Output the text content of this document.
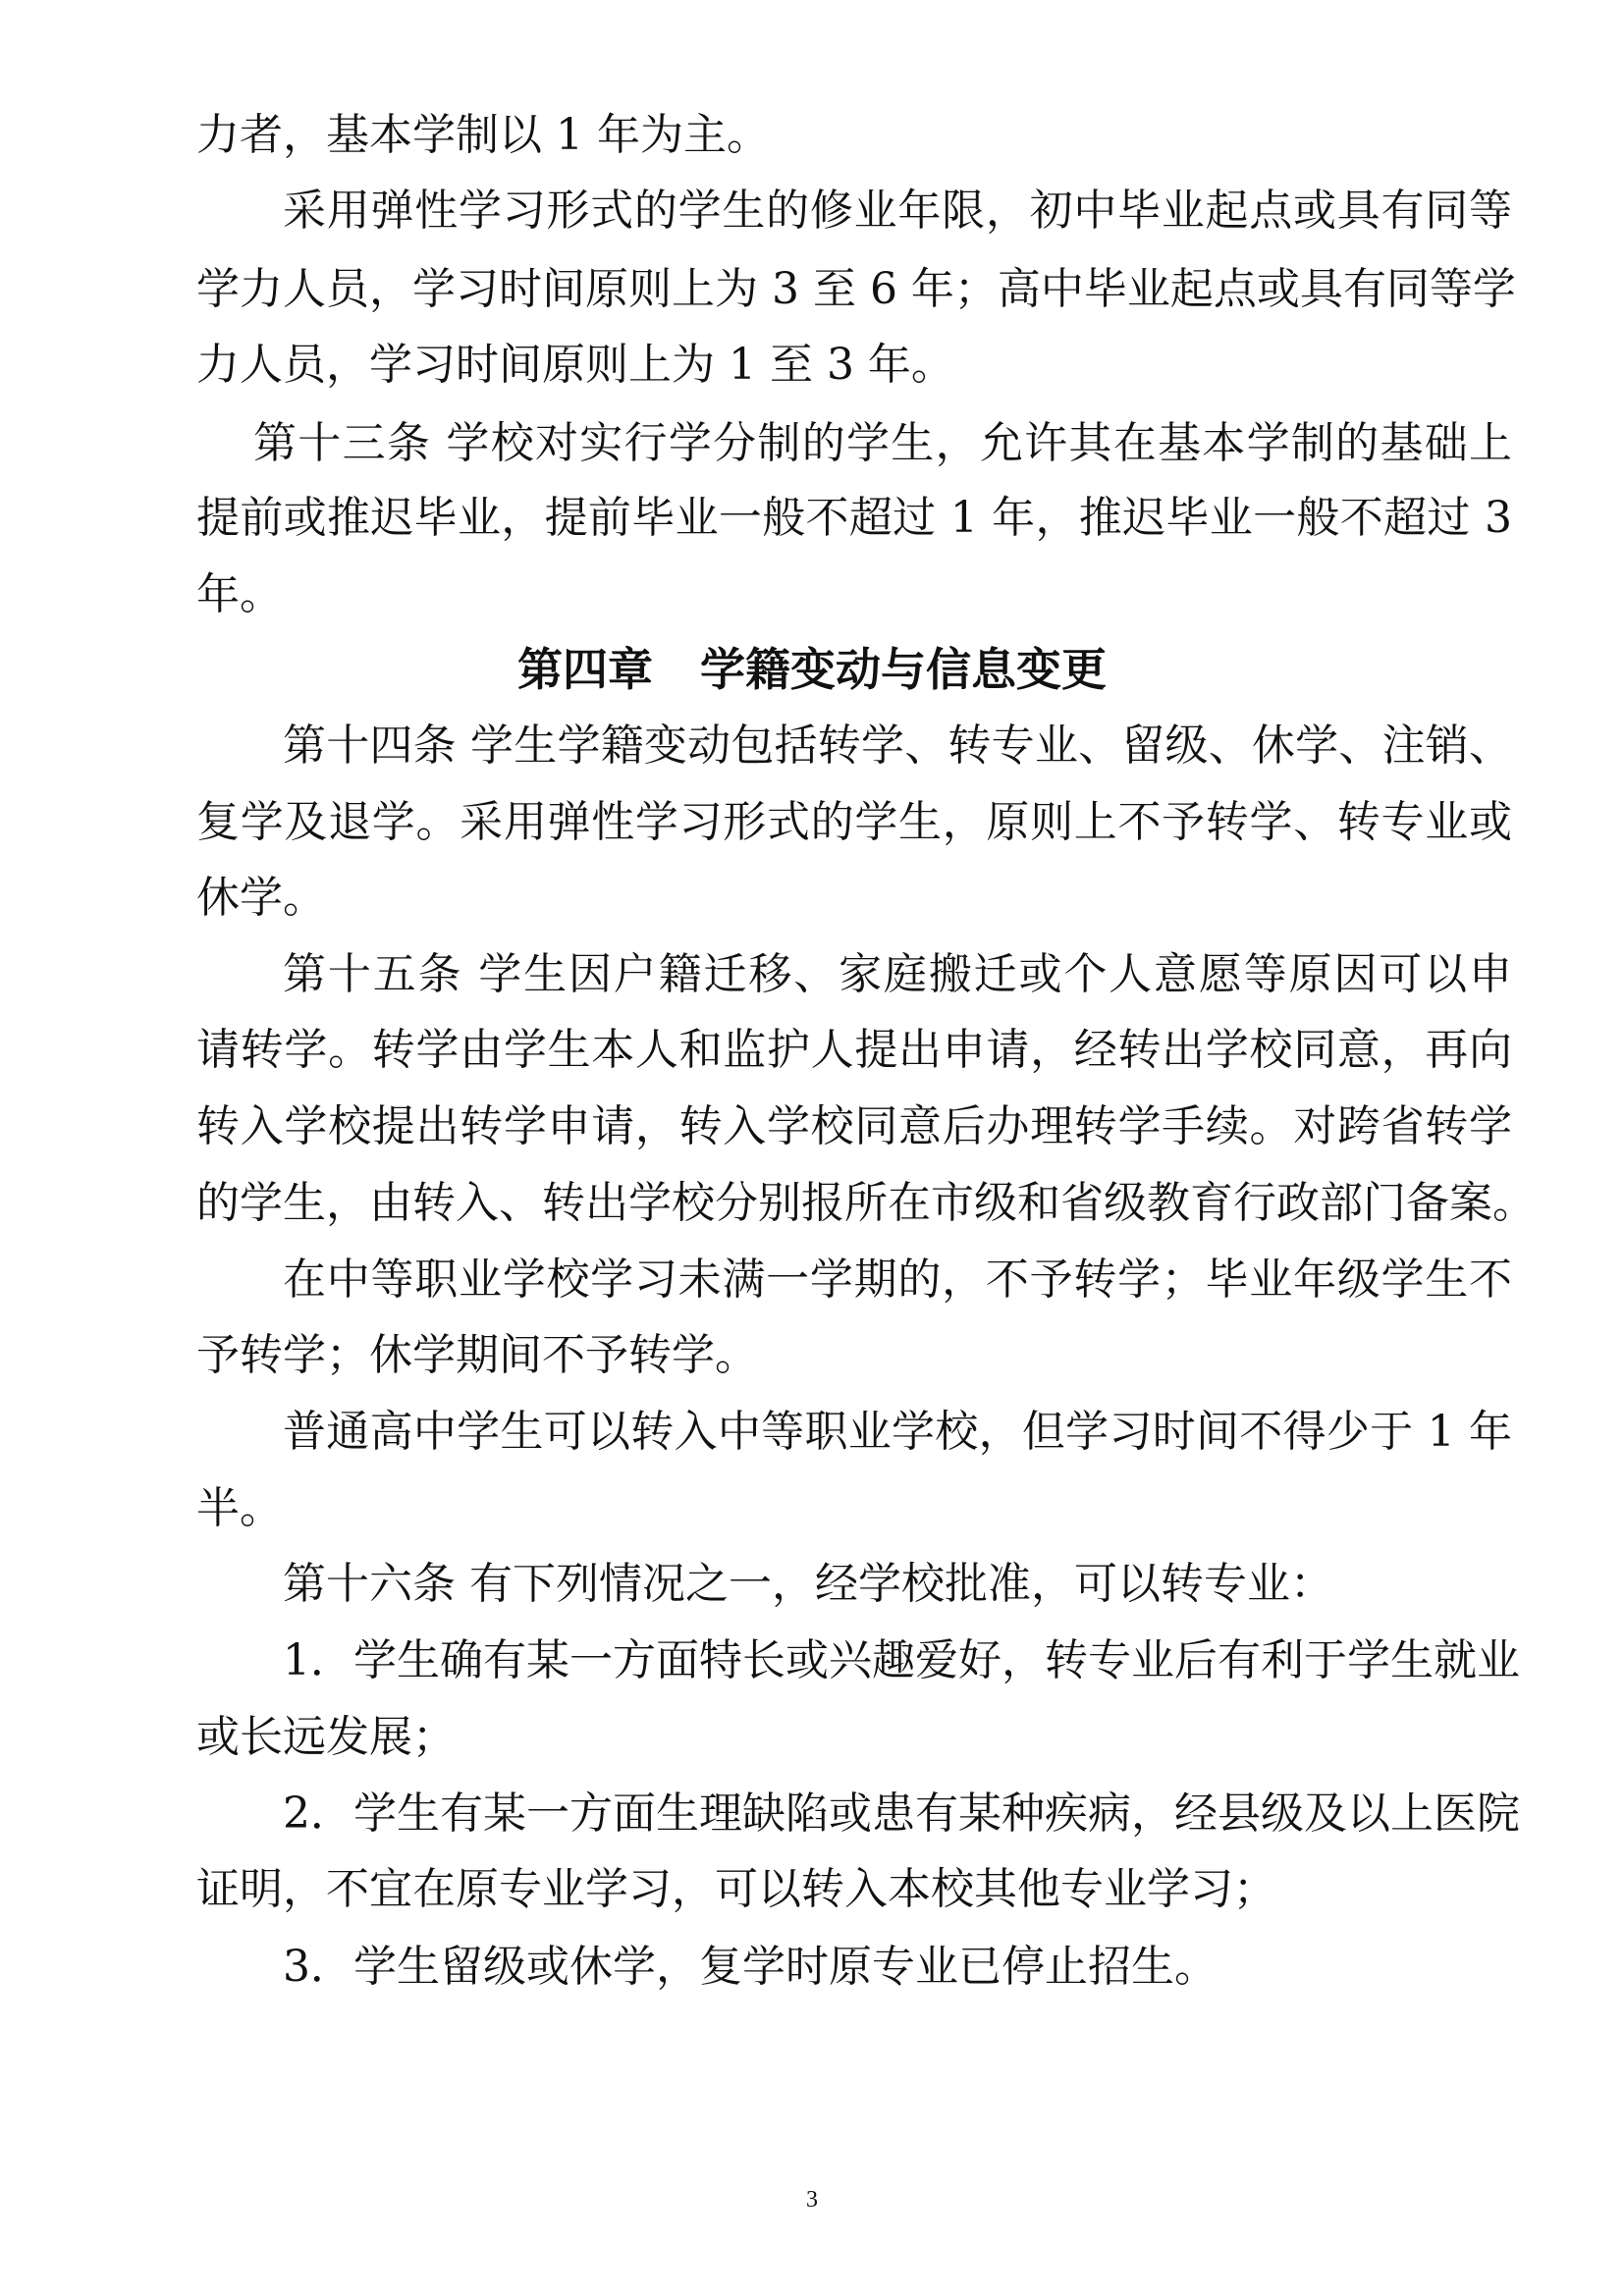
力者，基本学制以 1 年为主。
采用弹性学习形式的学生的修业年限，初中毕业起点或具有同等
学力人员，学习时间原则上为 3 至 6 年；高中毕业起点或具有同等学
力人员，学习时间原则上为 1 至 3 年。
第十三条 学校对实行学分制的学生，允许其在基本学制的基础上
提前或推迟毕业，提前毕业一般不超过 1 年，推迟毕业一般不超过 3
年。
第四章   学籍变动与信息变更
第十四条 学生学籍变动包括转学、转专业、留级、休学、注销、
复学及退学。采用弹性学习形式的学生，原则上不予转学、转专业或
休学。
第十五条 学生因户籍迁移、家庭搬迁或个人意愿等原因可以申
请转学。转学由学生本人和监护人提出申请，经转出学校同意，再向
转入学校提出转学申请，转入学校同意后办理转学手续。对跨省转学
的学生，由转入、转出学校分别报所在市级和省级教育行政部门备案。
在中等职业学校学习未满一学期的，不予转学；毕业年级学生不
予转学；休学期间不予转学。
普通高中学生可以转入中等职业学校，但学习时间不得少于 1 年
半。
第十六条 有下列情况之一，经学校批准，可以转专业：
1．学生确有某一方面特长或兴趣爱好，转专业后有利于学生就业
或长远发展；
2．学生有某一方面生理缺陷或患有某种疾病，经县级及以上医院
证明，不宜在原专业学习，可以转入本校其他专业学习；
3．学生留级或休学，复学时原专业已停止招生。
3
